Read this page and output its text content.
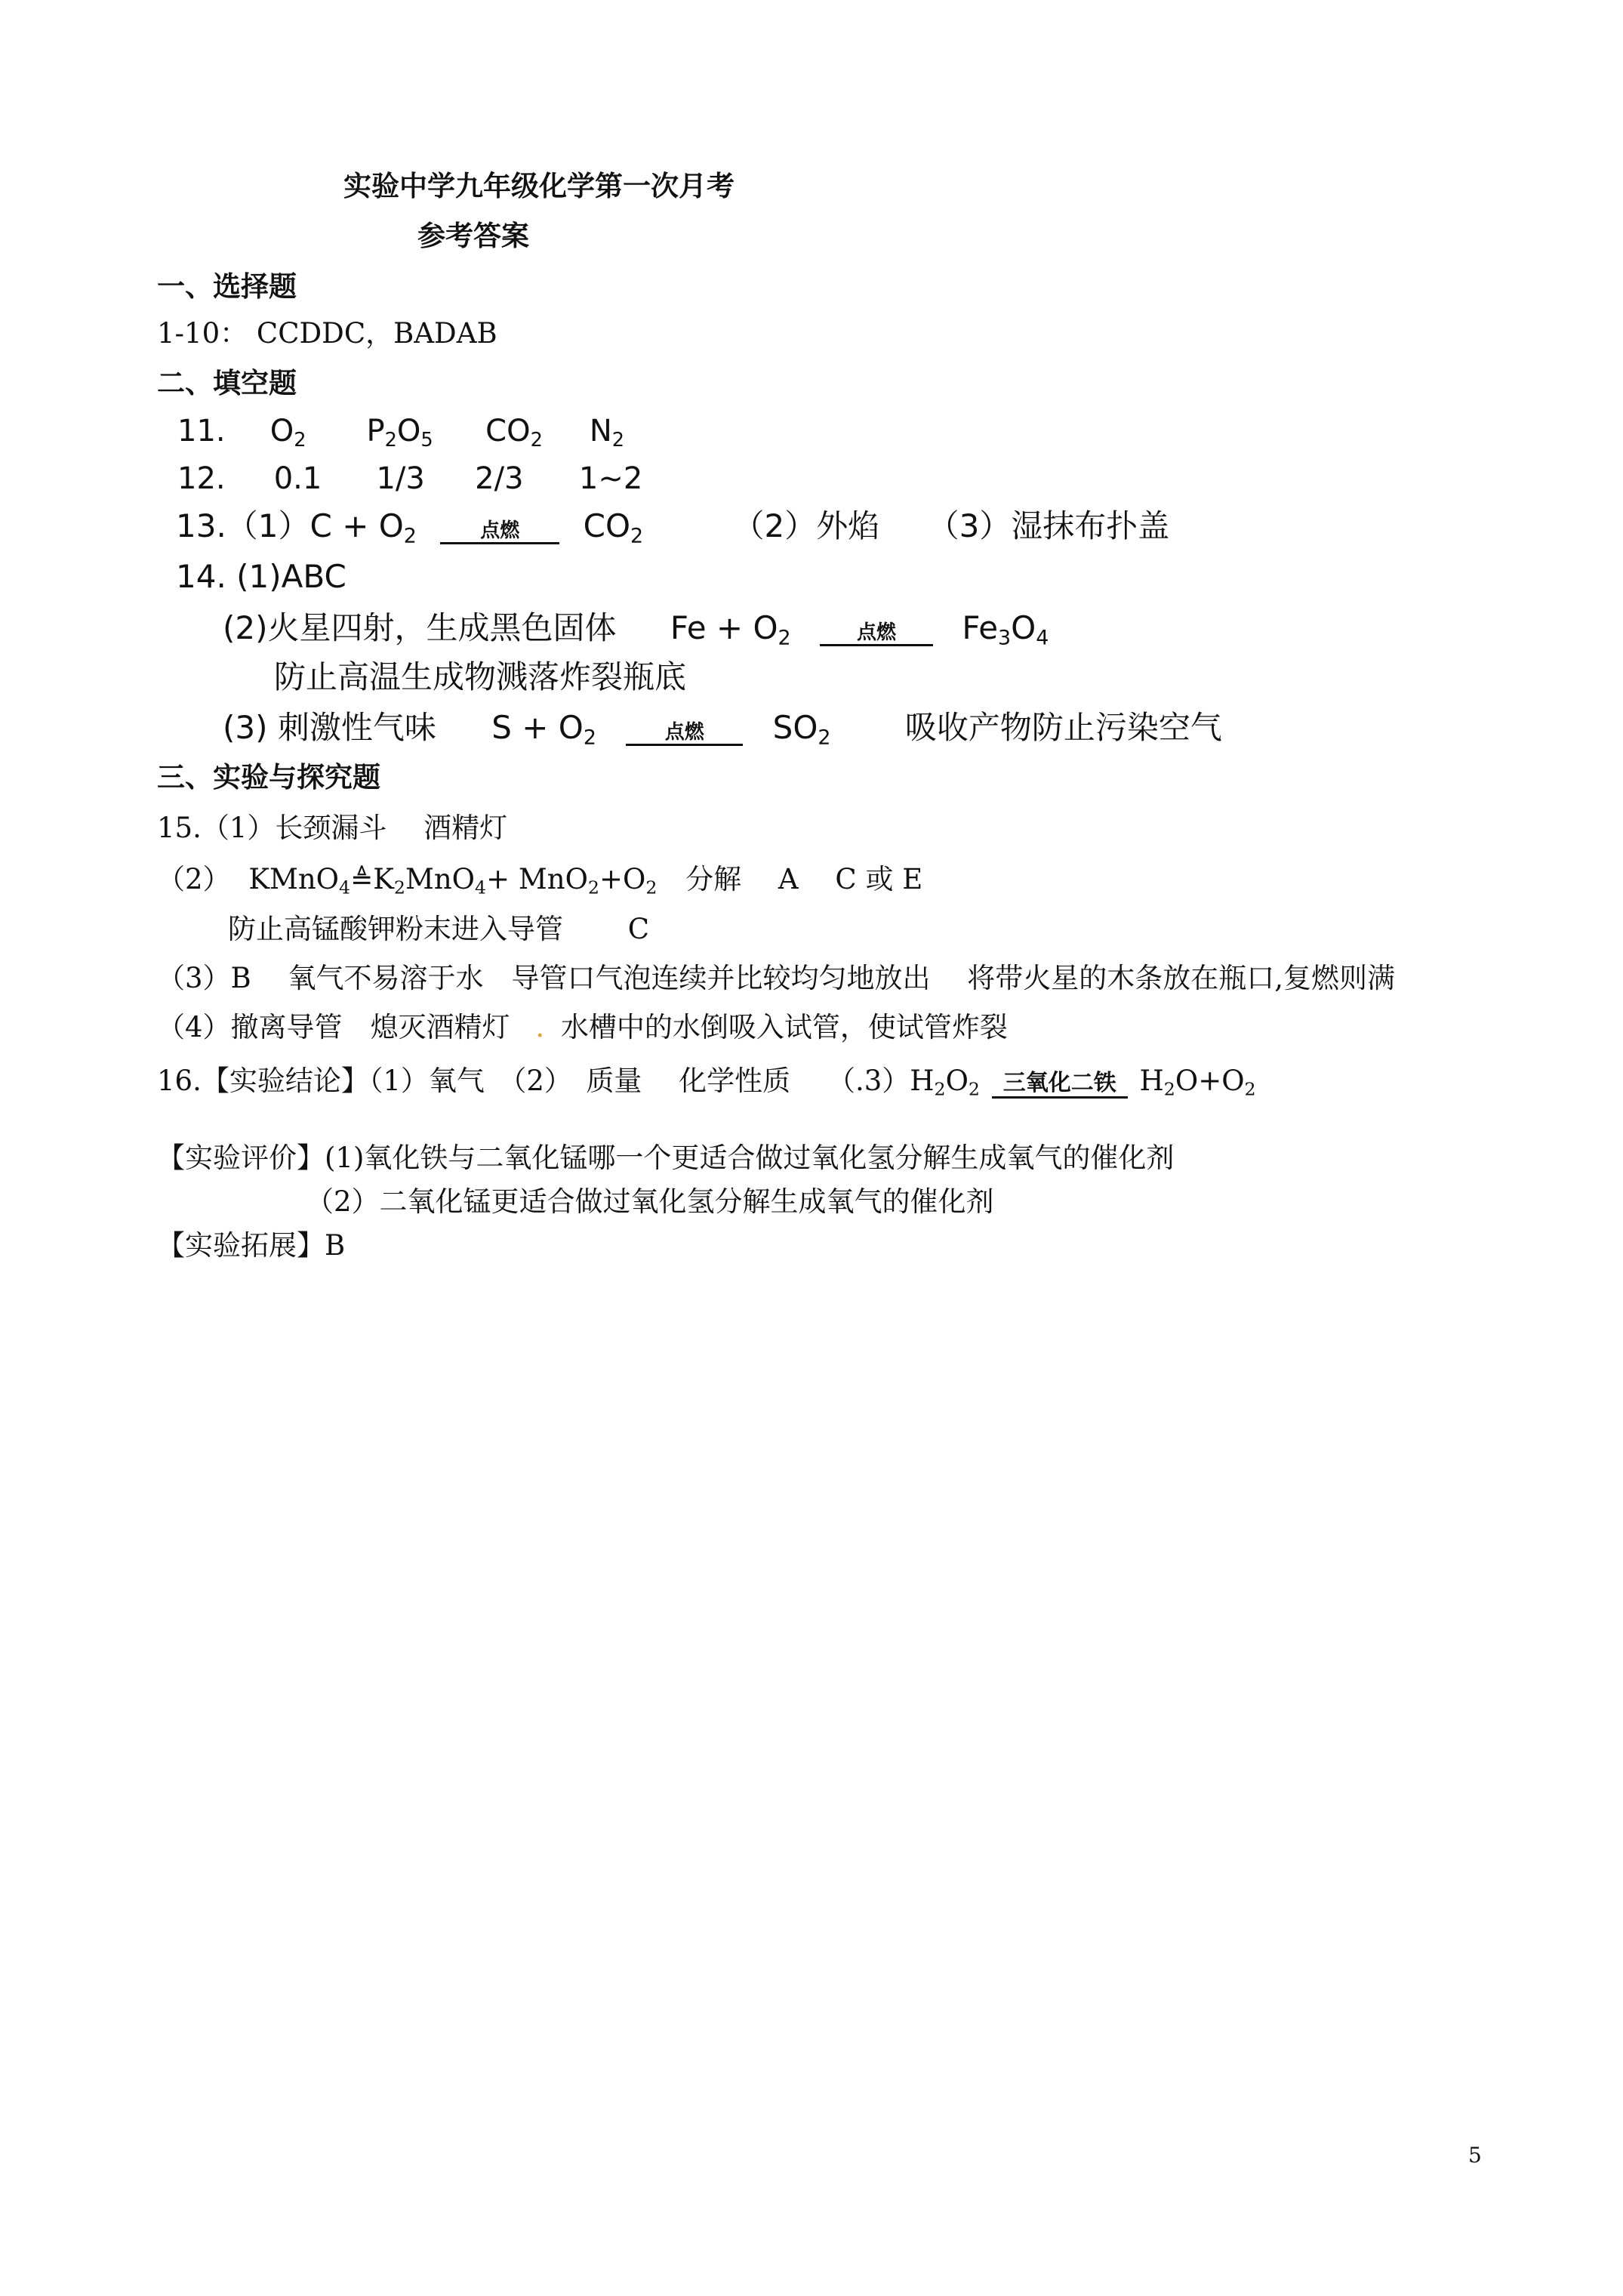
实验中学九年级化学第一次月考
参考答案
一、选择题
1-10： CCDDC，BADAB
二、填空题
11. $O_2$ $P_2O_5$ $CO_2$ $N_2$
12. 0.1 1/3 2/3 1~2
$13.(1)C + O_2$	点燃	$CO_2$	（2）外焰 （3）湿抹布扑盖
14. (1)ABC
(2)火星四射，生成黑色固体 $Fe + O_2$	点燃	$Fe_3O_4$
防止高温生成物溅落炸裂瓶底
(3) 刺激性气味 $S + O_2$	点燃	$SO_2$ 吸收产物防止污染空气
三、实验与探究题
15.（1）长颈漏斗　 酒精灯
（2） $KMnO_4≜K_2MnO_4+ MnO_2+O_2$ 分解　 A　 C 或 E
防止高锰酸钾粉末进入导管　　 C
（3）B　 氧气不易溶于水　导管口气泡连续并比较均匀地放出　 将带火星的木条放在瓶口,复燃则满
（4）撤离导管　熄灭酒精灯 . 水槽中的水倒吸入试管，使试管炸裂
16.【实验结论】（1）氧气　（2）　质量　 化学性质　 $(.3)H_2O_2$	三氧化二铁 $H_2O+O_2$
【实验评价】(1)氧化铁与二氧化锰哪一个更适合做过氧化氢分解生成氧气的催化剂
（2）二氧化锰更适合做过氧化氢分解生成氧气的催化剂
【实验拓展】B
5
